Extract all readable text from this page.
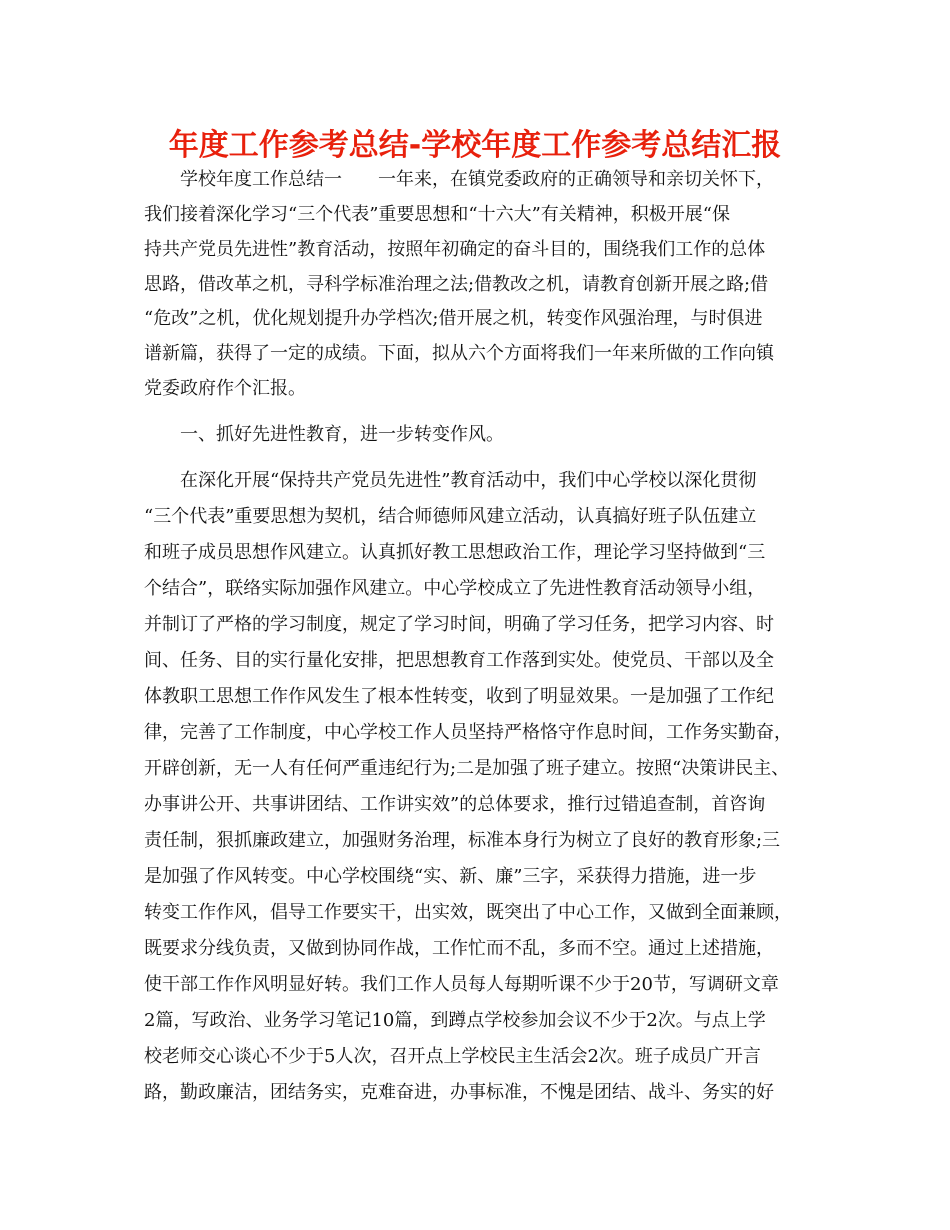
年度工作参考总结-学校年度工作参考总结汇报
学校年度工作总结一　　一年来，在镇党委政府的正确领导和亲切关怀下，
我们接着深化学习“三个代表”重要思想和“十六大”有关精神，积极开展“保
持共产党员先进性”教育活动，按照年初确定的奋斗目的，围绕我们工作的总体
思路，借改革之机，寻科学标准治理之法;借教改之机，请教育创新开展之路;借
“危改”之机，优化规划提升办学档次;借开展之机，转变作风强治理，与时俱进
谱新篇，获得了一定的成绩。下面，拟从六个方面将我们一年来所做的工作向镇
党委政府作个汇报。
一、抓好先进性教育，进一步转变作风。
在深化开展“保持共产党员先进性”教育活动中，我们中心学校以深化贯彻
“三个代表”重要思想为契机，结合师德师风建立活动，认真搞好班子队伍建立
和班子成员思想作风建立。认真抓好教工思想政治工作，理论学习坚持做到“三
个结合”，联络实际加强作风建立。中心学校成立了先进性教育活动领导小组，
并制订了严格的学习制度，规定了学习时间，明确了学习任务，把学习内容、时
间、任务、目的实行量化安排，把思想教育工作落到实处。使党员、干部以及全
体教职工思想工作作风发生了根本性转变，收到了明显效果。一是加强了工作纪
律，完善了工作制度，中心学校工作人员坚持严格恪守作息时间，工作务实勤奋，
开辟创新，无一人有任何严重违纪行为;二是加强了班子建立。按照“决策讲民主、
办事讲公开、共事讲团结、工作讲实效”的总体要求，推行过错追查制，首咨询
责任制，狠抓廉政建立，加强财务治理，标准本身行为树立了良好的教育形象;三
是加强了作风转变。中心学校围绕“实、新、廉”三字，采获得力措施，进一步
转变工作作风，倡导工作要实干，出实效，既突出了中心工作，又做到全面兼顾，
既要求分线负责，又做到协同作战，工作忙而不乱，多而不空。通过上述措施，
使干部工作作风明显好转。我们工作人员每人每期听课不少于20节，写调研文章
2篇，写政治、业务学习笔记10篇，到蹲点学校参加会议不少于2次。与点上学
校老师交心谈心不少于5人次，召开点上学校民主生活会2次。班子成员广开言
路，勤政廉洁，团结务实，克难奋进，办事标准，不愧是团结、战斗、务实的好
